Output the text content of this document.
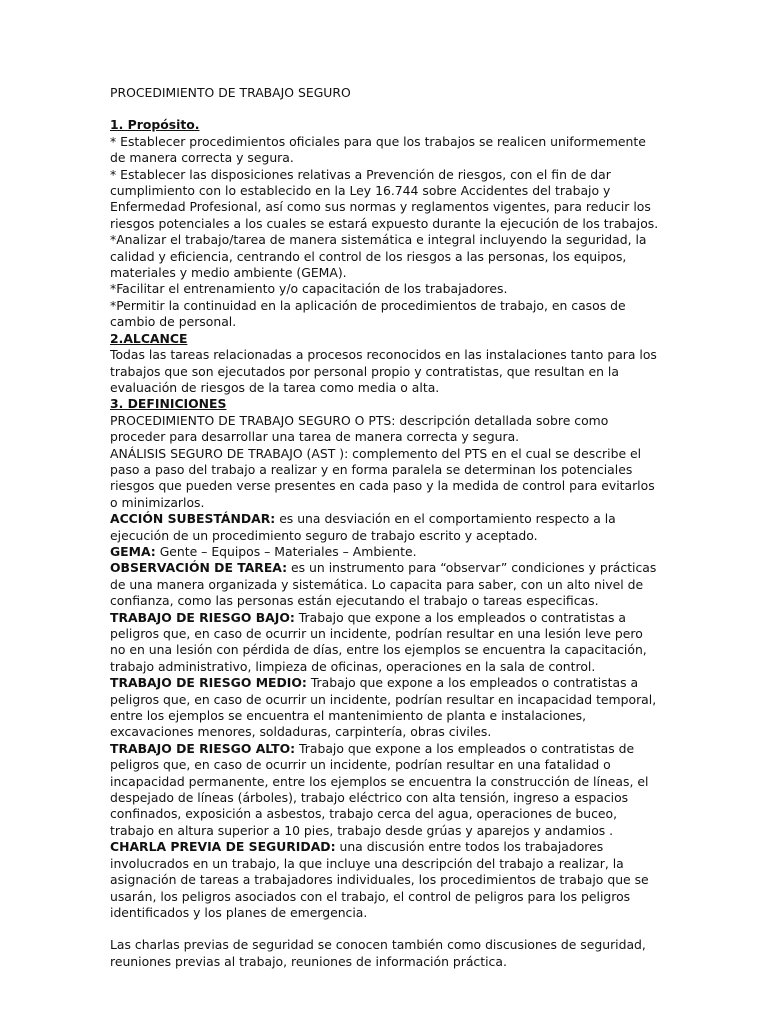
PROCEDIMIENTO DE TRABAJO SEGURO

1. Propósito.

* Establecer procedimientos oficiales para que los trabajos se realicen uniformemente de manera correcta y segura.

* Establecer las disposiciones relativas a Prevención de riesgos, con el fin de dar cumplimiento con lo establecido en la Ley 16.744 sobre Accidentes del trabajo y Enfermedad Profesional, así como sus normas y reglamentos vigentes, para reducir los riesgos potenciales a los cuales se estará expuesto durante la ejecución de los trabajos.

*Analizar el trabajo/tarea de manera sistemática e integral incluyendo la seguridad, la calidad y eficiencia, centrando el control de los riesgos a las personas, los equipos, materiales y medio ambiente (GEMA).

*Facilitar el entrenamiento y/o capacitación de los trabajadores.

*Permitir la continuidad en la aplicación de procedimientos de trabajo, en casos de cambio de personal.

2.ALCANCE

Todas las tareas relacionadas a procesos reconocidos en las instalaciones tanto para los trabajos que son ejecutados por personal propio y contratistas, que resultan en la evaluación de riesgos de la tarea como media o alta.

3. DEFINICIONES

PROCEDIMIENTO DE TRABAJO SEGURO O PTS: descripción detallada sobre como proceder para desarrollar una tarea de manera correcta y segura.

ANÁLISIS SEGURO DE TRABAJO (AST ): complemento del PTS en el cual se describe el paso a paso del trabajo a realizar y en forma paralela se determinan los potenciales riesgos que pueden verse presentes en cada paso y la medida de control para evitarlos o minimizarlos.

ACCIÓN SUBESTÁNDAR: es una desviación en el comportamiento respecto a la ejecución de un procedimiento seguro de trabajo escrito y aceptado.

GEMA: Gente – Equipos – Materiales – Ambiente.

OBSERVACIÓN DE TAREA: es un instrumento para “observar” condiciones y prácticas de una manera organizada y sistemática. Lo capacita para saber, con un alto nivel de confianza, como las personas están ejecutando el trabajo o tareas especificas.

TRABAJO DE RIESGO BAJO: Trabajo que expone a los empleados o contratistas a peligros que, en caso de ocurrir un incidente, podrían resultar en una lesión leve pero no en una lesión con pérdida de días, entre los ejemplos se encuentra la capacitación, trabajo administrativo, limpieza de oficinas, operaciones en la sala de control.

TRABAJO DE RIESGO MEDIO: Trabajo que expone a los empleados o contratistas a peligros que, en caso de ocurrir un incidente, podrían resultar en incapacidad temporal, entre los ejemplos se encuentra el mantenimiento de planta e instalaciones, excavaciones menores, soldaduras, carpintería, obras civiles.

TRABAJO DE RIESGO ALTO: Trabajo que expone a los empleados o contratistas de peligros que, en caso de ocurrir un incidente, podrían resultar en una fatalidad o incapacidad permanente, entre los ejemplos se encuentra la construcción de líneas, el despejado de líneas (árboles), trabajo eléctrico con alta tensión, ingreso a espacios confinados, exposición a asbestos, trabajo cerca del agua, operaciones de buceo, trabajo en altura superior a 10 pies, trabajo desde grúas y aparejos y andamios .

CHARLA PREVIA DE SEGURIDAD: una discusión entre todos los trabajadores involucrados en un trabajo, la que incluye una descripción del trabajo a realizar, la asignación de tareas a trabajadores individuales, los procedimientos de trabajo que se usarán, los peligros asociados con el trabajo, el control de peligros para los peligros identificados y los planes de emergencia.

Las charlas previas de seguridad se conocen también como discusiones de seguridad, reuniones previas al trabajo, reuniones de información práctica.
